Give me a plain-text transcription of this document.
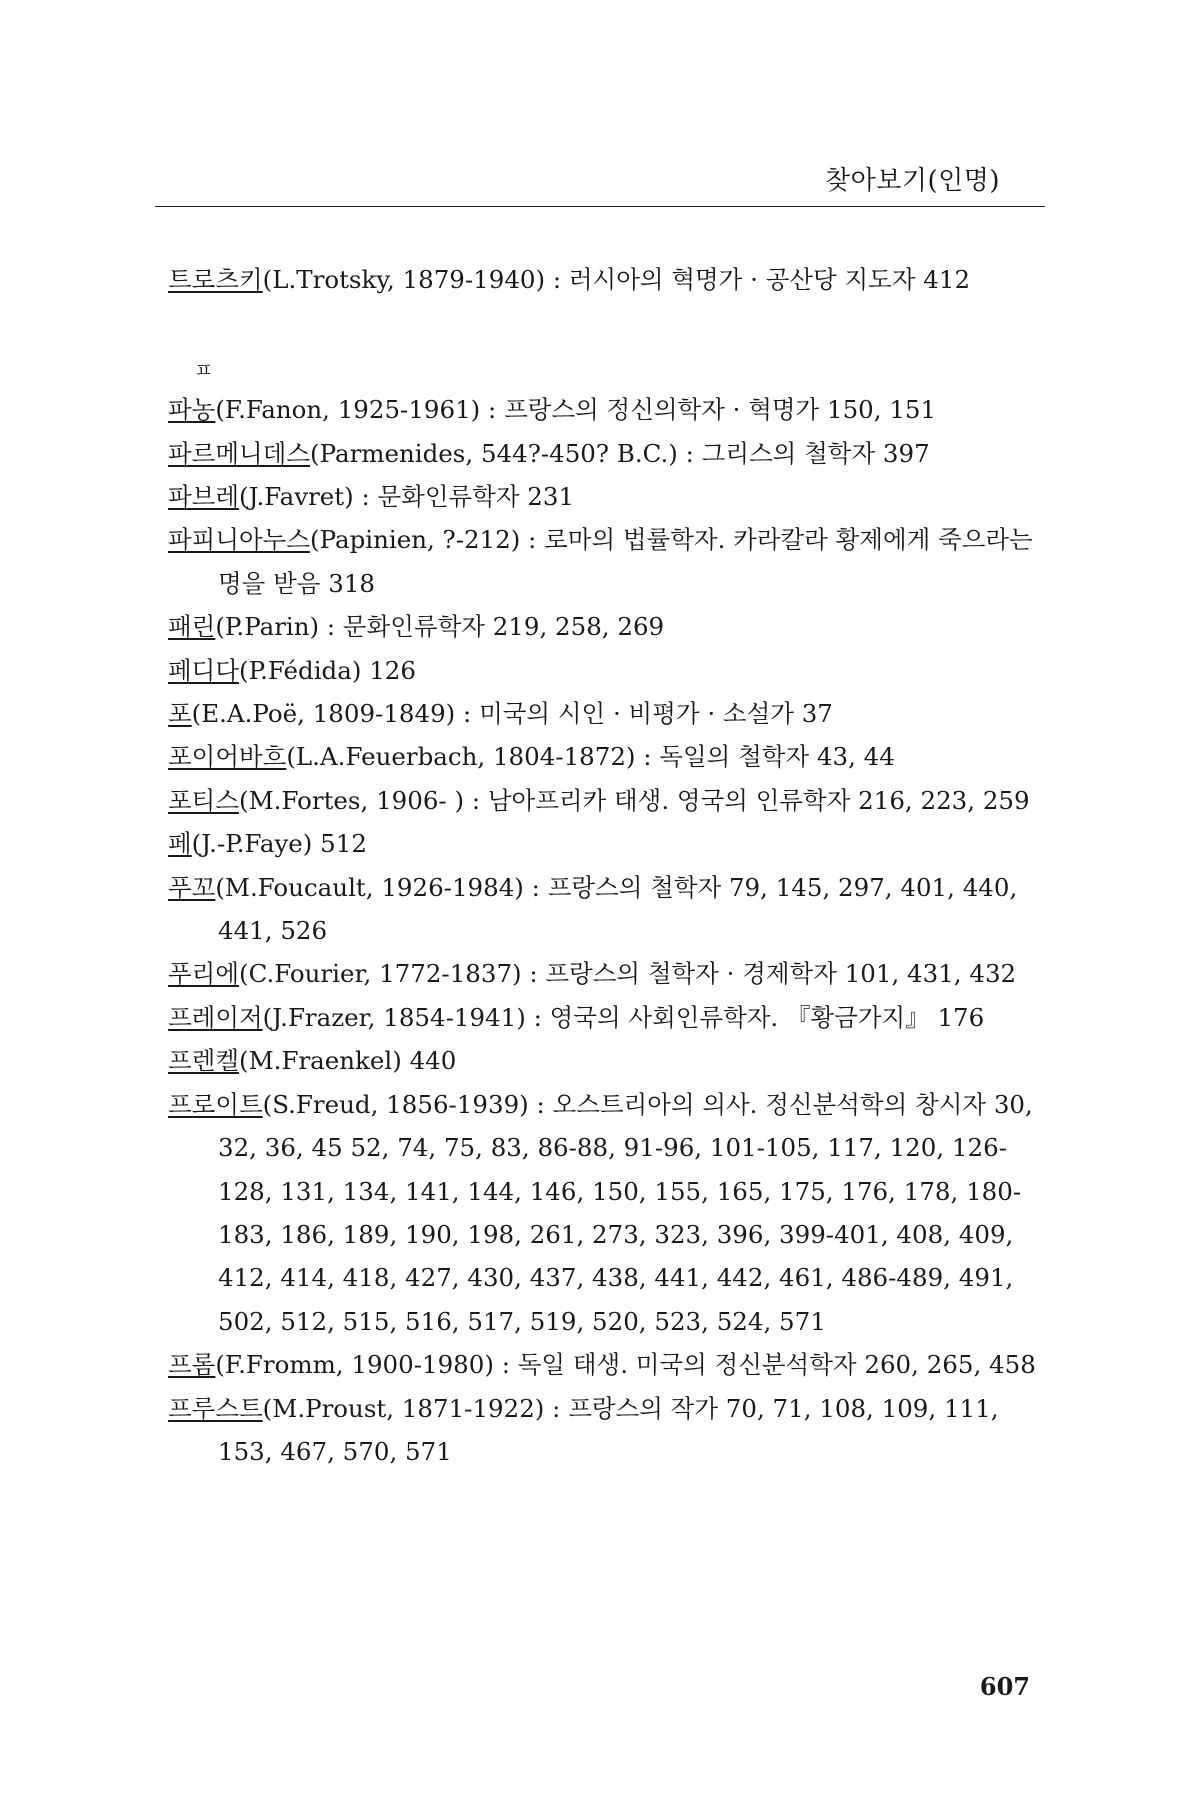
찾아보기(인명)

트로츠키(L.Trotsky, 1879-1940) : 러시아의 혁명가 · 공산당 지도자 412

ㅍ

파농(F.Fanon, 1925-1961) : 프랑스의 정신의학자 · 혁명가 150, 151

파르메니데스(Parmenides, 544?-450? B.C.) : 그리스의 철학자 397

파브레(J.Favret) : 문화인류학자 231

파피니아누스(Papinien, ?-212) : 로마의 법률학자. 카라칼라 황제에게 죽으라는 명을 받음 318

패린(P.Parin) : 문화인류학자 219, 258, 269

페디다(P.Fédida) 126

포(E.A.Poë, 1809-1849) : 미국의 시인 · 비평가 · 소설가 37

포이어바흐(L.A.Feuerbach, 1804-1872) : 독일의 철학자 43, 44

포티스(M.Fortes, 1906- ) : 남아프리카 태생. 영국의 인류학자 216, 223, 259

페(J.-P.Faye) 512

푸꼬(M.Foucault, 1926-1984) : 프랑스의 철학자 79, 145, 297, 401, 440, 441, 526

푸리에(C.Fourier, 1772-1837) : 프랑스의 철학자 · 경제학자 101, 431, 432

프레이저(J.Frazer, 1854-1941) : 영국의 사회인류학자. 『황금가지』 176

프렌켈(M.Fraenkel) 440

프로이트(S.Freud, 1856-1939) : 오스트리아의 의사. 정신분석학의 창시자 30, 32, 36, 45 52, 74, 75, 83, 86-88, 91-96, 101-105, 117, 120, 126-128, 131, 134, 141, 144, 146, 150, 155, 165, 175, 176, 178, 180-183, 186, 189, 190, 198, 261, 273, 323, 396, 399-401, 408, 409, 412, 414, 418, 427, 430, 437, 438, 441, 442, 461, 486-489, 491, 502, 512, 515, 516, 517, 519, 520, 523, 524, 571

프롬(F.Fromm, 1900-1980) : 독일 태생. 미국의 정신분석학자 260, 265, 458

프루스트(M.Proust, 1871-1922) : 프랑스의 작가 70, 71, 108, 109, 111, 153, 467, 570, 571

607
